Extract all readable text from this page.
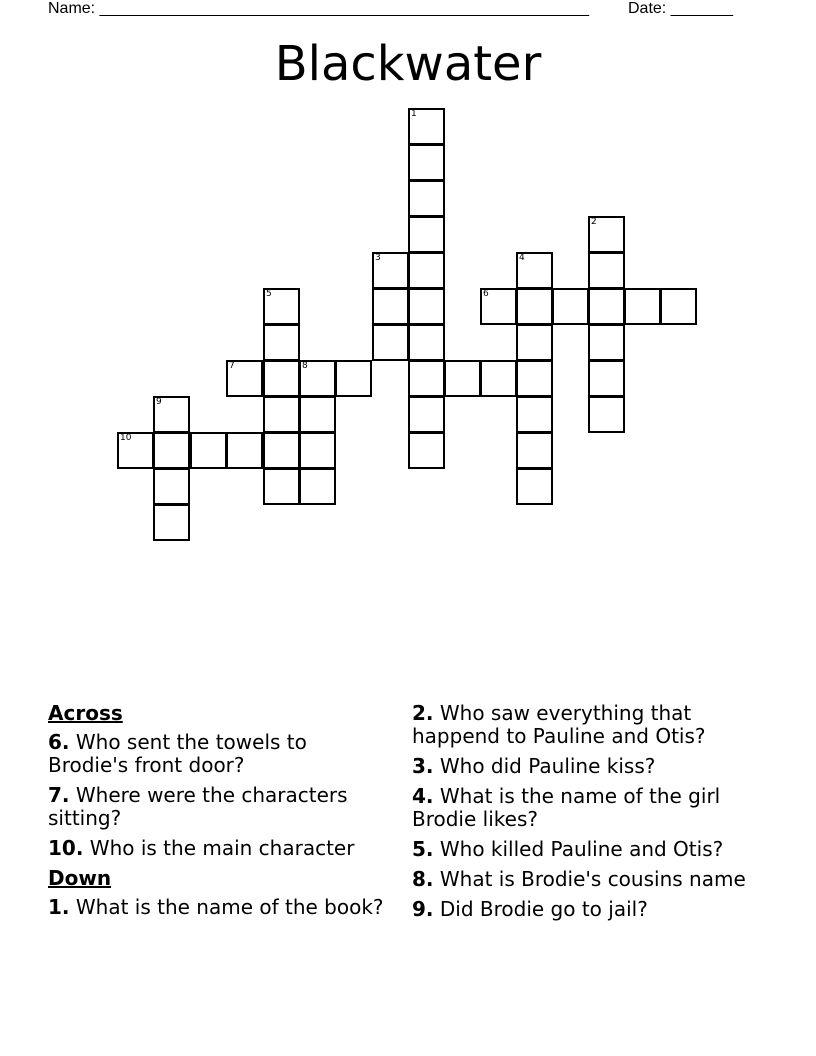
Name: _______________________________________________________ Date: _______
Blackwater
1
2
3	4
6
5
7	8
9
10
Across
6. Who sent the towels to Brodie's front door?
7. Where were the characters sitting?
10. Who is the main character
Down
1. What is the name of the book?
2. Who saw everything that happend to Pauline and Otis?
3. Who did Pauline kiss?
4. What is the name of the girl Brodie likes?
5. Who killed Pauline and Otis?
8. What is Brodie's cousins name
9. Did Brodie go to jail?
